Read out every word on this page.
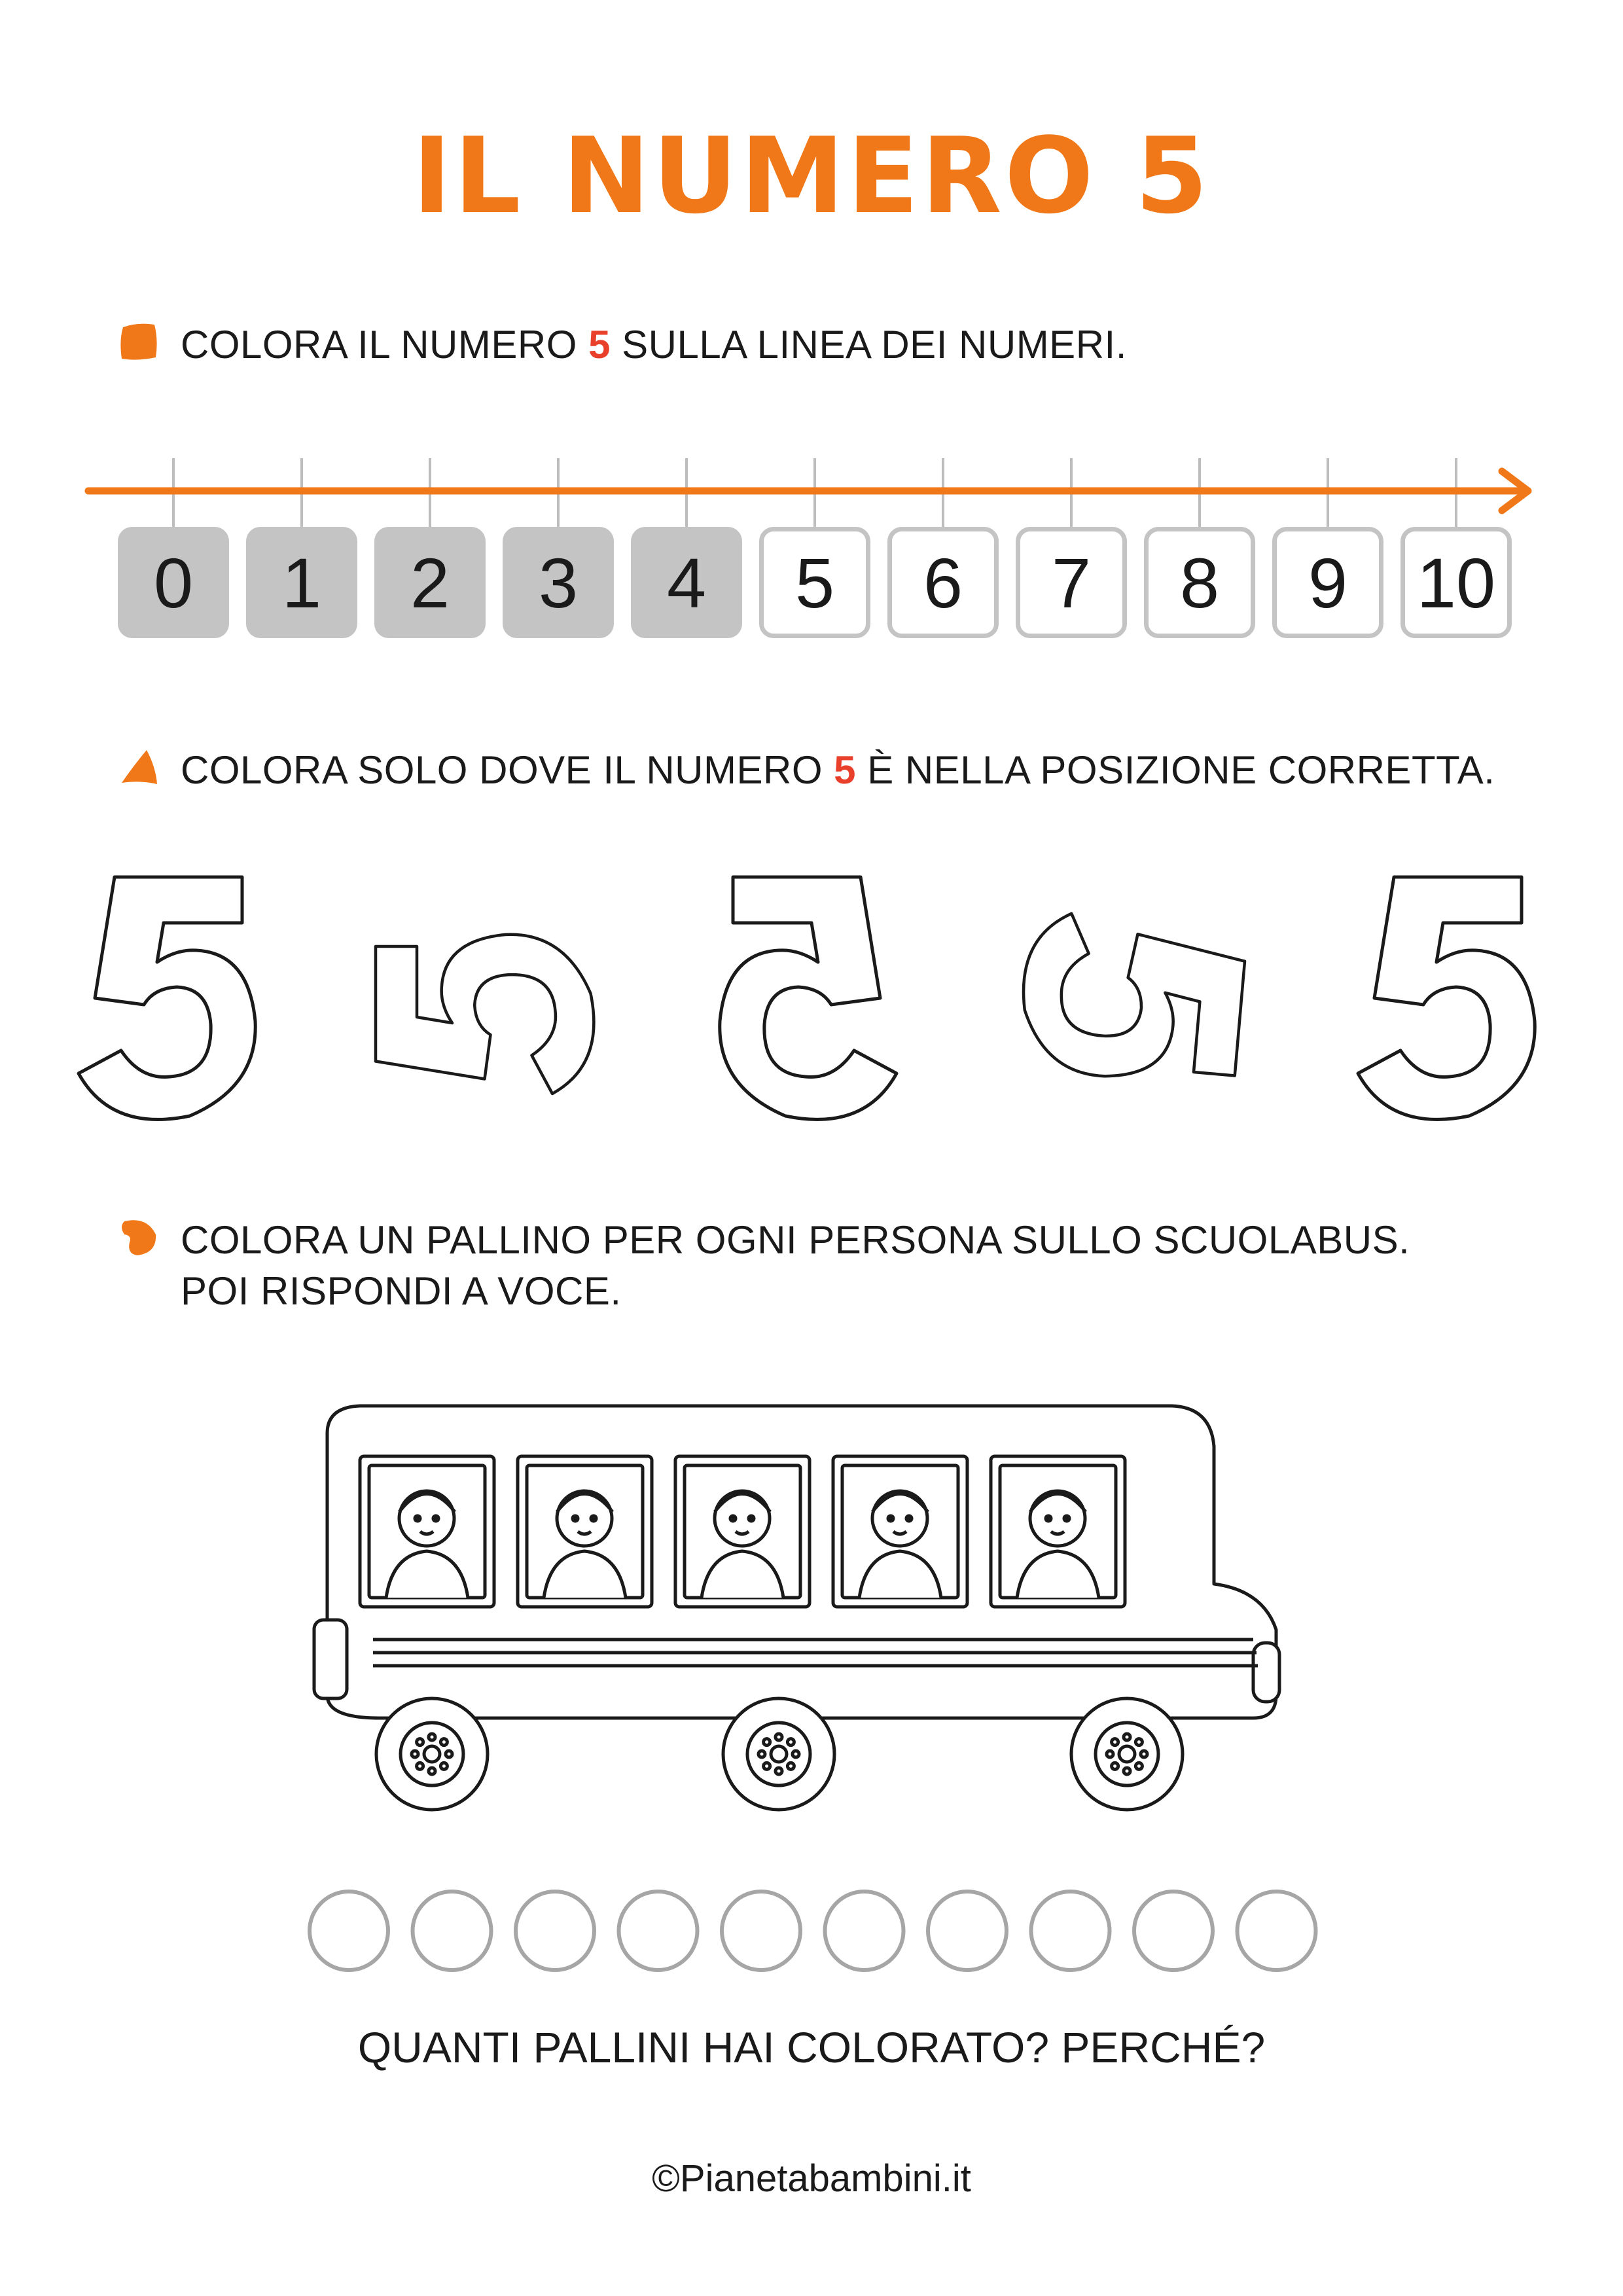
IL NUMERO 5
COLORA IL NUMERO 5 SULLA LINEA DEI NUMERI.
0	1	2	3	4	5	6	7	8	9 10
COLORA SOLO DOVE IL NUMERO 5 È NELLA POSIZIONE CORRETTA.
COLORA UN PALLINO PER OGNI PERSONA SULLO SCUOLABUS.
POI RISPONDI A VOCE.
QUANTI PALLINI HAI COLORATO? PERCHÉ?
©Pianetabambini.it
